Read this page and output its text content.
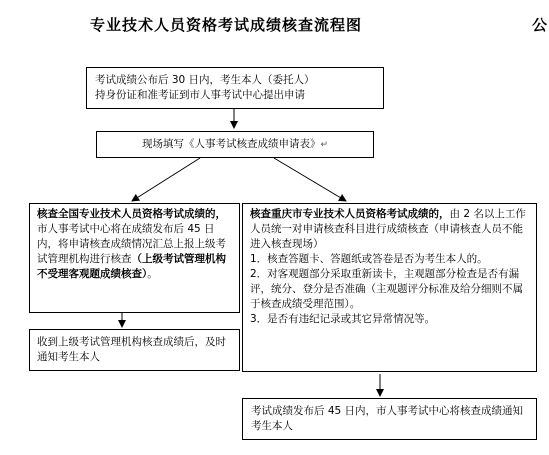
专业技术人员资格考试成绩核查流程图	公
考试成绩公布后 30 日内，考生本人（委托人）
持身份证和准考证到市人事考试中心提出申请
现场填写《人事考试核查成绩申请表》↵
核查全国专业技术人员资格考试成绩的，市人事考试中心将在成绩发布后 45 日内，将申请核查成绩情况汇总上报上级考试管理机构进行核查（上级考试管理机构不受理客观题成绩核查）。
核查重庆市专业技术人员资格考试成绩的，由 2 名以上工作人员统一对申请核查科目进行成绩核查（申请核查人员不能进入核查现场）
1．核查答题卡、答题纸或答卷是否为考生本人的。
2．对客观题部分采取重新读卡，主观题部分检查是否有漏评，统分、登分是否准确（主观题评分标准及给分细则不属于核查成绩受理范围）。
3．是否有违纪记录或其它异常情况等。
收到上级考试管理机构核查成绩后，及时通知考生本人
考试成绩发布后 45 日内，市人事考试中心将核查成绩通知考生本人
